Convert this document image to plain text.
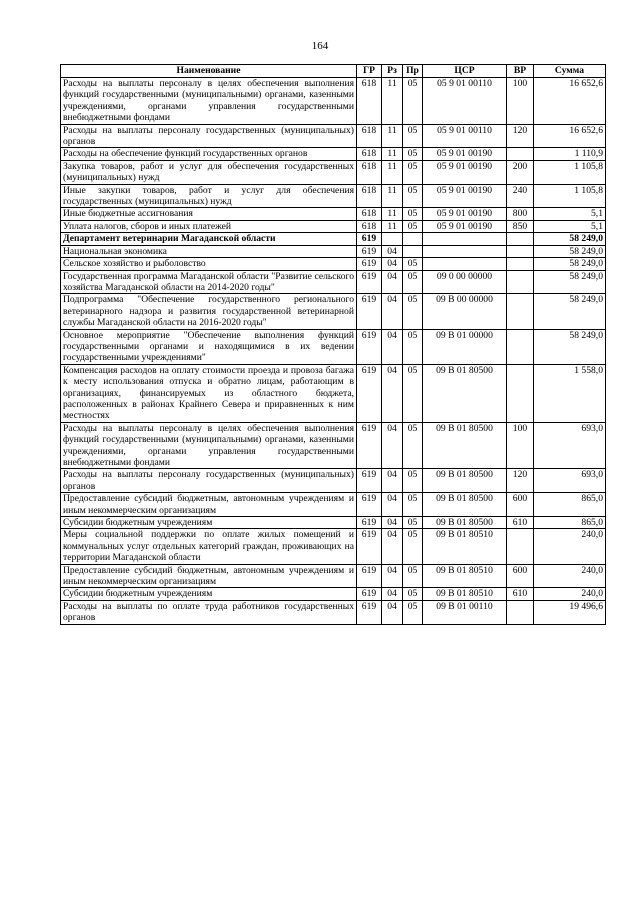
164
Наименование	ГР	Рз	Пр	ЦСР	ВР	Сумма
Расходы на выплаты персоналу в целях обеспечения выполнения функций государственными (муниципальными) органами, казенными учреждениями, органами управления государственными внебюджетными фондами	618	11	05	05 9 01 00110	100	16 652,6
Расходы на выплаты персоналу государственных (муниципальных) органов	618	11	05	05 9 01 00110	120	16 652,6
Расходы на обеспечение функций государственных органов	618	11	05	05 9 01 00190		1 110,9
Закупка товаров, работ и услуг для обеспечения государственных (муниципальных) нужд	618	11	05	05 9 01 00190	200	1 105,8
Иные закупки товаров, работ и услуг для обеспечения государственных (муниципальных) нужд	618	11	05	05 9 01 00190	240	1 105,8
Иные бюджетные ассигнования	618	11	05	05 9 01 00190	800	5,1
Уплата налогов, сборов и иных платежей	618	11	05	05 9 01 00190	850	5,1
Департамент ветеринарии Магаданской области	619					58 249,0
Национальная экономика	619	04				58 249,0
Сельское хозяйство и рыболовство	619	04	05			58 249,0
Государственная программа Магаданской области "Развитие сельского хозяйства Магаданской области на 2014-2020 годы"	619	04	05	09 0 00 00000		58 249,0
Подпрограмма "Обеспечение государственного регионального ветеринарного надзора и развития государственной ветеринарной службы Магаданской области на 2016-2020 годы"	619	04	05	09 В 00 00000		58 249,0
Основное мероприятие "Обеспечение выполнения функций государственными органами и находящимися в их ведении государственными учреждениями"	619	04	05	09 В 01 00000		58 249,0
Компенсация расходов на оплату стоимости проезда и провоза багажа к месту использования отпуска и обратно лицам, работающим в организациях, финансируемых из областного бюджета, расположенных в районах Крайнего Севера и приравненных к ним местностях	619	04	05	09 В 01 80500		1 558,0
Расходы на выплаты персоналу в целях обеспечения выполнения функций государственными (муниципальными) органами, казенными учреждениями, органами управления государственными внебюджетными фондами	619	04	05	09 В 01 80500	100	693,0
Расходы на выплаты персоналу государственных (муниципальных) органов	619	04	05	09 В 01 80500	120	693,0
Предоставление субсидий бюджетным, автономным учреждениям и иным некоммерческим организациям	619	04	05	09 В 01 80500	600	865,0
Субсидии бюджетным учреждениям	619	04	05	09 В 01 80500	610	865,0
Меры социальной поддержки по оплате жилых помещений и коммунальных услуг отдельных категорий граждан, проживающих на территории Магаданской области	619	04	05	09 В 01 80510		240,0
Предоставление субсидий бюджетным, автономным учреждениям и иным некоммерческим организациям	619	04	05	09 В 01 80510	600	240,0
Субсидии бюджетным учреждениям	619	04	05	09 В 01 80510	610	240,0
Расходы на выплаты по оплате труда работников государственных органов	619	04	05	09 В 01 00110		19 496,6
